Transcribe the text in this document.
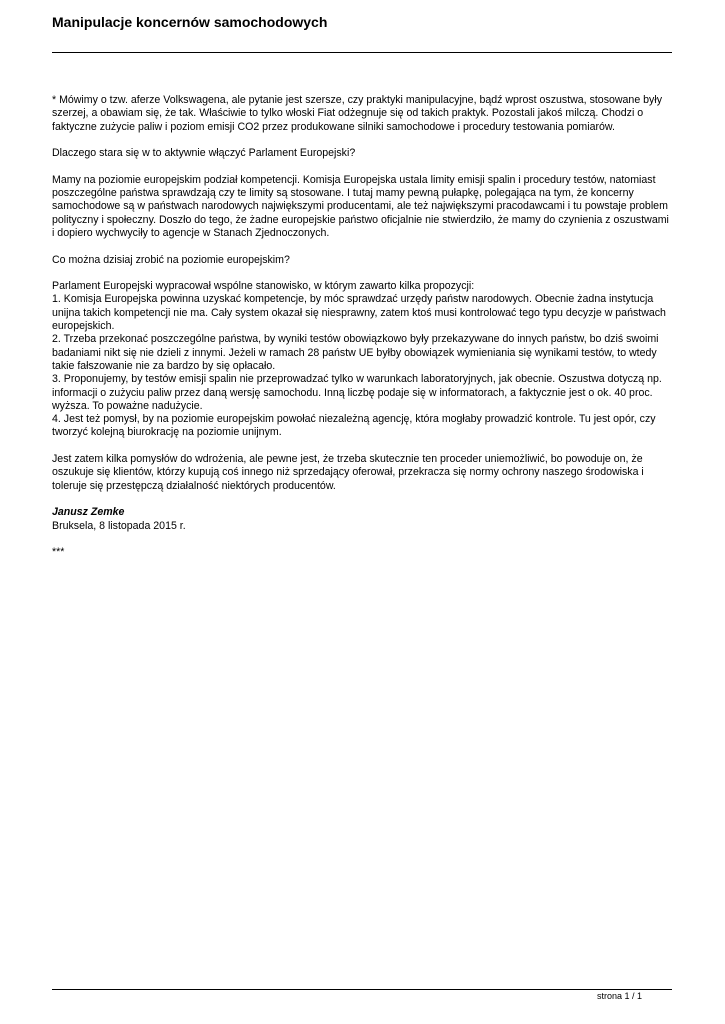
Manipulacje koncernów samochodowych

* Mówimy o tzw. aferze Volkswagena, ale pytanie jest szersze, czy praktyki manipulacyjne, bądź wprost oszustwa, stosowane były szerzej, a obawiam się, że tak. Właściwie to tylko włoski Fiat odżegnuje się od takich praktyk. Pozostali jakoś milczą. Chodzi o faktyczne zużycie paliw i poziom emisji CO2 przez produkowane silniki samochodowe i procedury testowania pomiarów.

Dlaczego stara się w to aktywnie włączyć Parlament Europejski?

Mamy na poziomie europejskim podział kompetencji. Komisja Europejska ustala limity emisji spalin i procedury testów, natomiast poszczególne państwa sprawdzają czy te limity są stosowane. I tutaj mamy pewną pułapkę, polegająca na tym, że koncerny samochodowe są w państwach narodowych największymi producentami, ale też największymi pracodawcami i tu powstaje problem polityczny i społeczny. Doszło do tego, że żadne europejskie państwo oficjalnie nie stwierdziło, że mamy do czynienia z oszustwami i dopiero wychwyciły to agencje w Stanach Zjednoczonych.

Co można dzisiaj zrobić na poziomie europejskim?

Parlament Europejski wypracował wspólne stanowisko, w którym zawarto kilka propozycji:
1. Komisja Europejska powinna uzyskać kompetencje, by móc sprawdzać urzędy państw narodowych. Obecnie żadna instytucja unijna takich kompetencji nie ma. Cały system okazał się niesprawny, zatem ktoś musi kontrolować tego typu decyzje w państwach europejskich.
2. Trzeba przekonać poszczególne państwa, by wyniki testów obowiązkowo były przekazywane do innych państw, bo dziś swoimi badaniami nikt się nie dzieli z innymi. Jeżeli w ramach 28 państw UE byłby obowiązek wymieniania się wynikami testów, to wtedy takie fałszowanie nie za bardzo by się opłacało.
3. Proponujemy, by testów emisji spalin nie przeprowadzać tylko w warunkach laboratoryjnych, jak obecnie. Oszustwa dotyczą np. informacji o zużyciu paliw przez daną wersję samochodu. Inną liczbę podaje się w informatorach, a faktycznie jest o ok. 40 proc. wyższa. To poważne nadużycie.
4. Jest też pomysł, by na poziomie europejskim powołać niezależną agencję, która mogłaby prowadzić kontrole. Tu jest opór, czy tworzyć kolejną biurokrację na poziomie unijnym.

Jest zatem kilka pomysłów do wdrożenia, ale pewne jest, że trzeba skutecznie ten proceder uniemożliwić, bo powoduje on, że oszukuje się klientów, którzy kupują coś innego niż sprzedający oferował, przekracza się normy ochrony naszego środowiska i toleruje się przestępczą działalność niektórych producentów.

Janusz Zemke
Bruksela, 8 listopada 2015 r.

***

strona 1 / 1
